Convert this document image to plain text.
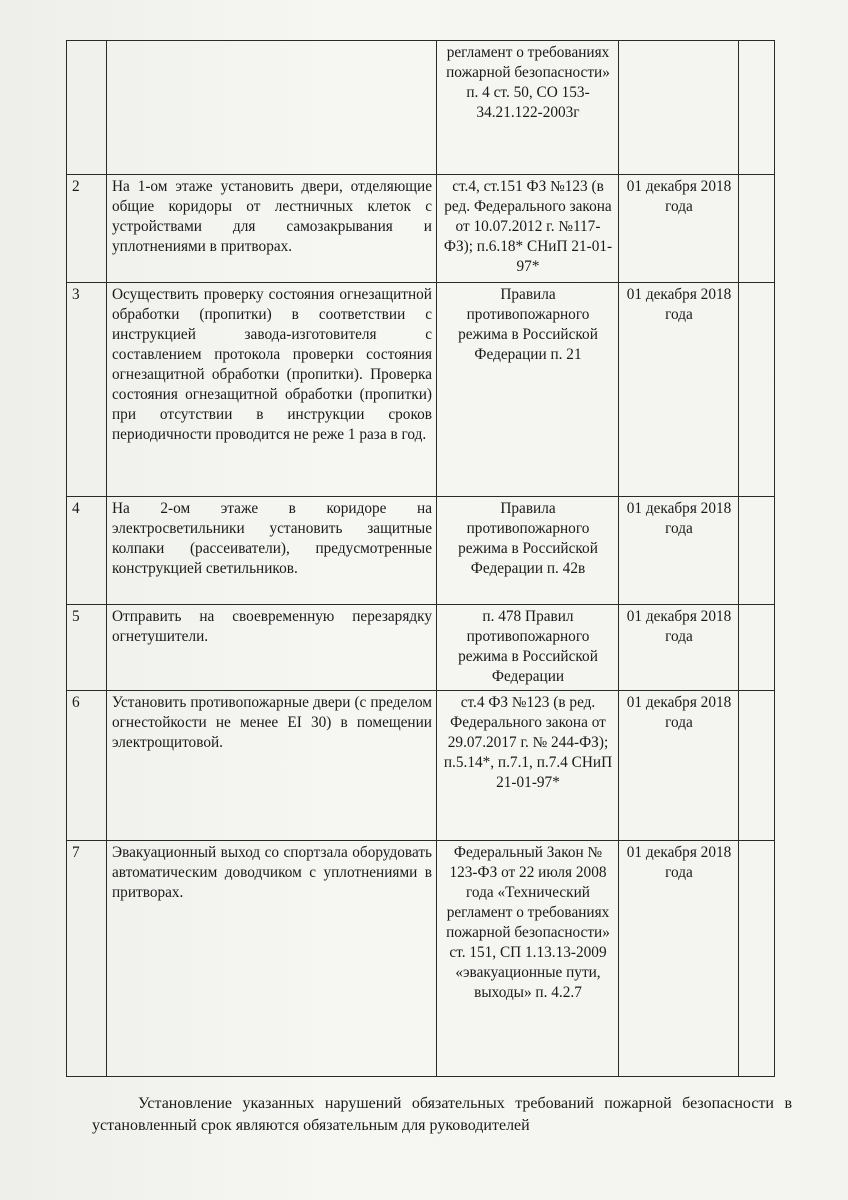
		регламент о требованиях пожарной безопасности» п. 4 ст. 50, СО 153-34.21.122-2003г		
2	На 1-ом этаже установить двери, отделяющие общие коридоры от лестничных клеток с устройствами для самозакрывания и уплотнениями в притворах.	ст.4, ст.151 ФЗ №123 (в ред. Федерального закона от 10.07.2012 г. №117-ФЗ); п.6.18* СНиП 21-01-97*	01 декабря 2018 года	
3	Осуществить проверку состояния огнезащитной обработки (пропитки) в соответствии с инструкцией завода-изготовителя с составлением протокола проверки состояния огнезащитной обработки (пропитки). Проверка состояния огнезащитной обработки (пропитки) при отсутствии в инструкции сроков периодичности проводится не реже 1 раза в год.	Правила противопожарного режима в Российской Федерации п. 21	01 декабря 2018 года	
4	На 2-ом этаже в коридоре на электросветильники установить защитные колпаки (рассеиватели), предусмотренные конструкцией светильников.	Правила противопожарного режима в Российской Федерации п. 42в	01 декабря 2018 года	
5	Отправить на своевременную перезарядку огнетушители.	п. 478 Правил противопожарного режима в Российской Федерации	01 декабря 2018 года	
6	Установить противопожарные двери (с пределом огнестойкости не менее EI 30) в помещении электрощитовой.	ст.4 ФЗ №123 (в ред. Федерального закона от 29.07.2017 г. № 244-ФЗ); п.5.14*, п.7.1, п.7.4 СНиП 21-01-97*	01 декабря 2018 года	
7	Эвакуационный выход со спортзала оборудовать автоматическим доводчиком с уплотнениями в притворах.	Федеральный Закон № 123-ФЗ от 22 июля 2008 года «Технический регламент о требованиях пожарной безопасности» ст. 151, СП 1.13.13-2009 «эвакуационные пути, выходы» п. 4.2.7	01 декабря 2018 года	
Установление указанных нарушений обязательных требований пожарной безопасности в установленный срок являются обязательным для руководителей
